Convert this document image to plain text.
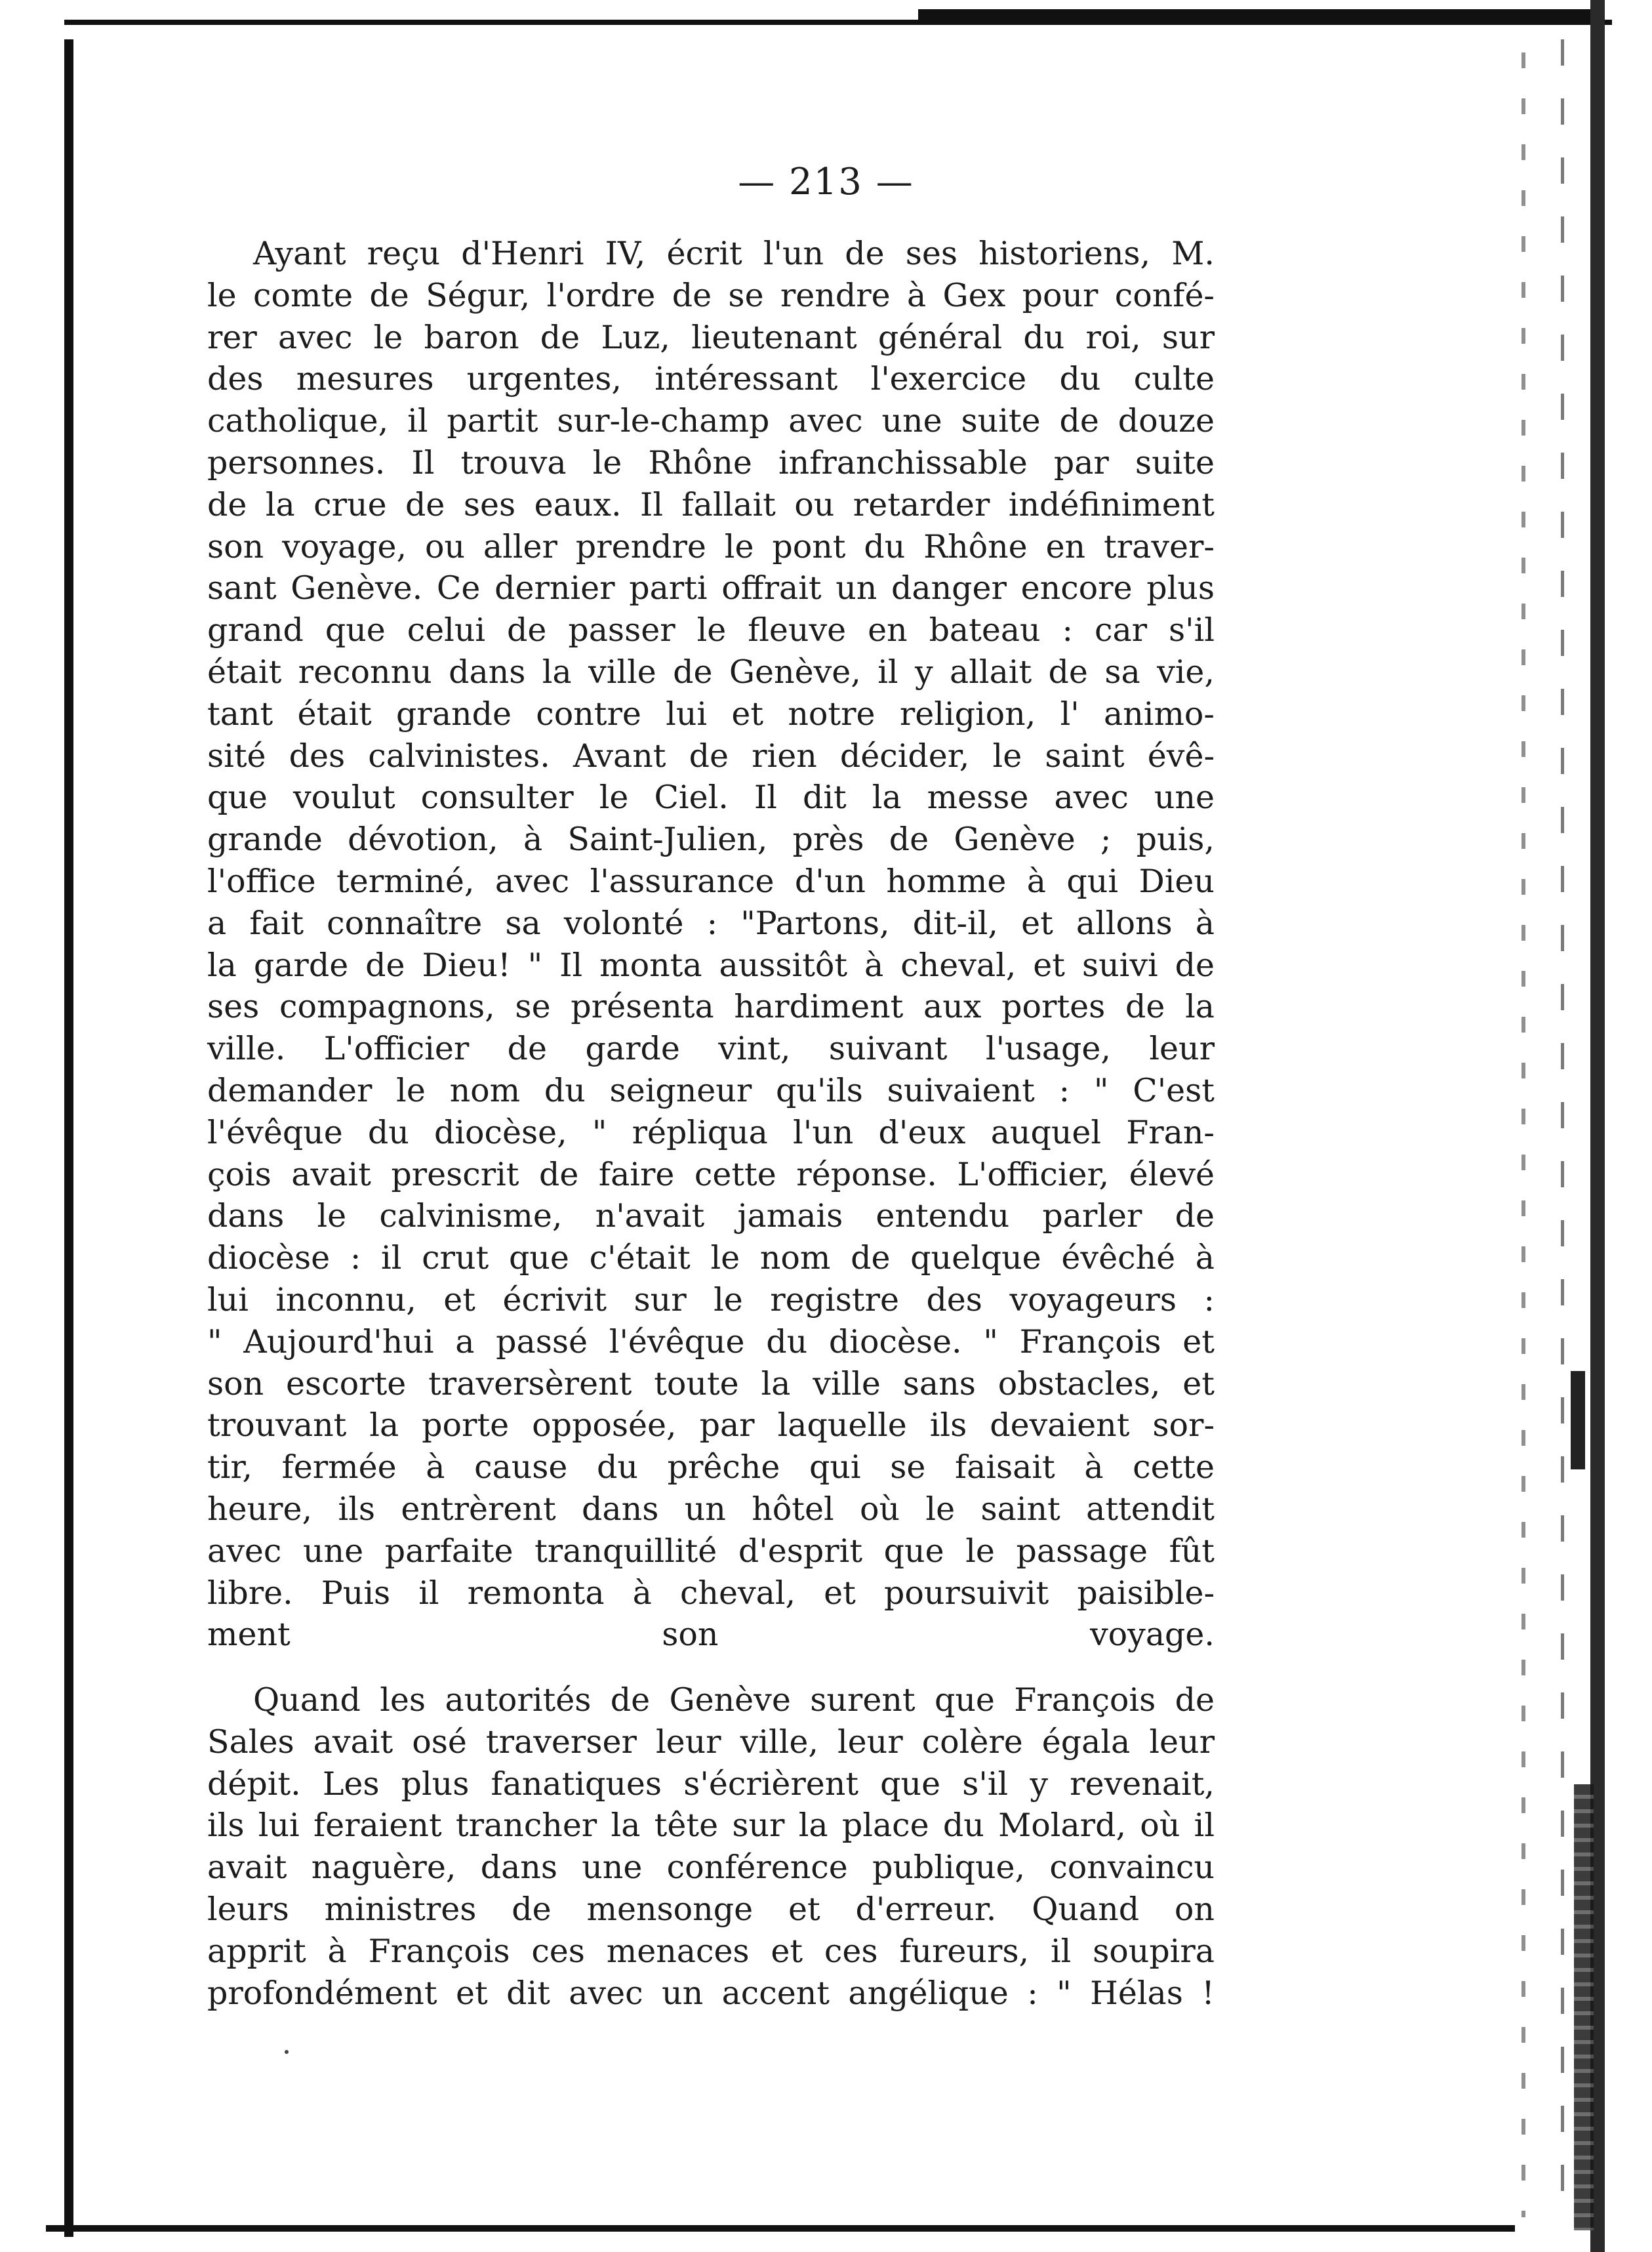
— 213 —

Ayant reçu d'Henri IV, écrit l'un de ses historiens, M.
le comte de Ségur, l'ordre de se rendre à Gex pour confé-
rer avec le baron de Luz, lieutenant général du roi, sur
des mesures urgentes, intéressant l'exercice du culte
catholique, il partit sur-le-champ avec une suite de douze
personnes. Il trouva le Rhône infranchissable par suite
de la crue de ses eaux. Il fallait ou retarder indéfiniment
son voyage, ou aller prendre le pont du Rhône en traver-
sant Genève. Ce dernier parti offrait un danger encore plus
grand que celui de passer le fleuve en bateau : car s'il
était reconnu dans la ville de Genève, il y allait de sa vie,
tant était grande contre lui et notre religion, l' animo-
sité des calvinistes. Avant de rien décider, le saint évê-
que voulut consulter le Ciel. Il dit la messe avec une
grande dévotion, à Saint-Julien, près de Genève ; puis,
l'office terminé, avec l'assurance d'un homme à qui Dieu
a fait connaître sa volonté : "Partons, dit-il, et allons à
la garde de Dieu! " Il monta aussitôt à cheval, et suivi de
ses compagnons, se présenta hardiment aux portes de la
ville. L'officier de garde vint, suivant l'usage, leur
demander le nom du seigneur qu'ils suivaient : " C'est
l'évêque du diocèse, " répliqua l'un d'eux auquel Fran-
çois avait prescrit de faire cette réponse. L'officier, élevé
dans le calvinisme, n'avait jamais entendu parler de
diocèse : il crut que c'était le nom de quelque évêché à
lui inconnu, et écrivit sur le registre des voyageurs :
" Aujourd'hui a passé l'évêque du diocèse. " François et
son escorte traversèrent toute la ville sans obstacles, et
trouvant la porte opposée, par laquelle ils devaient sor-
tir, fermée à cause du prêche qui se faisait à cette
heure, ils entrèrent dans un hôtel où le saint attendit
avec une parfaite tranquillité d'esprit que le passage fût
libre. Puis il remonta à cheval, et poursuivit paisible-
ment son voyage.

Quand les autorités de Genève surent que François de
Sales avait osé traverser leur ville, leur colère égala leur
dépit. Les plus fanatiques s'écrièrent que s'il y revenait,
ils lui feraient trancher la tête sur la place du Molard, où il
avait naguère, dans une conférence publique, convaincu
leurs ministres de mensonge et d'erreur. Quand on
apprit à François ces menaces et ces fureurs, il soupira
profondément et dit avec un accent angélique : " Hélas !
